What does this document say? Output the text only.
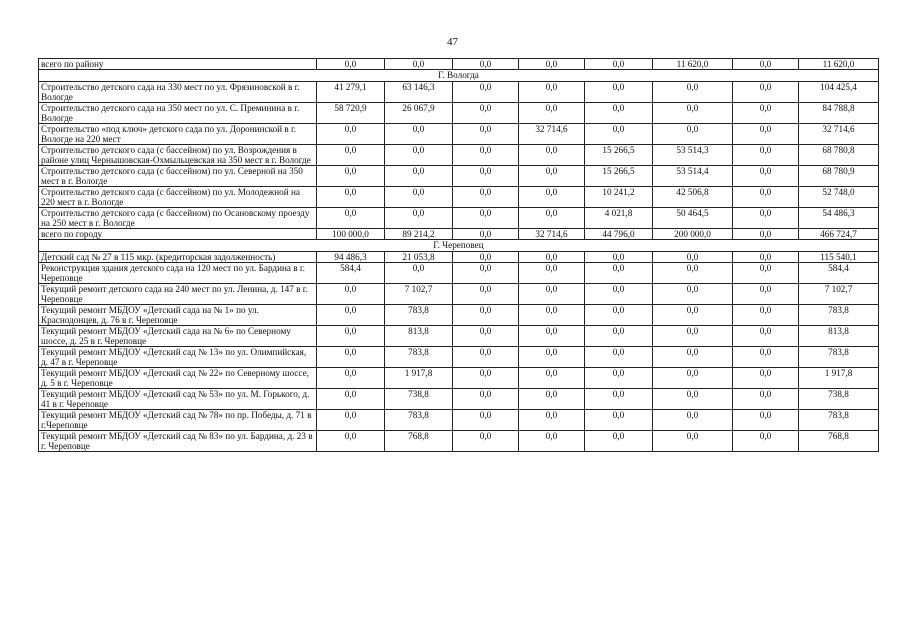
47
всего по району	0,0	0,0	0,0	0,0	0,0	11 620,0	0,0	11 620,0
Г. Вологда								
Строительство детского сада на 330 мест по ул. Фрязиновской в г. Вологде	41 279,1	63 146,3	0,0	0,0	0,0	0,0	0,0	104 425,4
Строительство детского сада на 350 мест по ул. С. Преминина в г. Вологде	58 720,9	26 067,9	0,0	0,0	0,0	0,0	0,0	84 788,8
Строительство «под ключ» детского сада по ул. Доронинской в г. Вологде на 220 мест	0,0	0,0	0,0	32 714,6	0,0	0,0	0,0	32 714,6
Строительство детского сада (с бассейном) по ул. Возрождения в районе улиц Чернышовская-Охмыльцевская на 350 мест в г. Вологде	0,0	0,0	0,0	0,0	15 266,5	53 514,3	0,0	68 780,8
Строительство детского сада (с бассейном) по ул. Северной на 350 мест в г. Вологде	0,0	0,0	0,0	0,0	15 266,5	53 514,4	0,0	68 780,9
Строительство детского сада (с бассейном) по ул. Молодежной на 220 мест в г. Вологде	0,0	0,0	0,0	0,0	10 241,2	42 506,8	0,0	52 748,0
Строительство детского сада (с бассейном) по Осановскому проезду на 250 мест в г. Вологде	0,0	0,0	0,0	0,0	4 021,8	50 464,5	0,0	54 486,3
всего по городу	100 000,0	89 214,2	0,0	32 714,6	44 796,0	200 000,0	0,0	466 724,7
Г. Череповец								
Детский сад № 27 в 115 мкр. (кредиторская задолженность)	94 486,3	21 053,8	0,0	0,0	0,0	0,0	0,0	115 540,1
Реконструкция здания детского сада на 120 мест по ул. Бардина в г. Череповце	584,4	0,0	0,0	0,0	0,0	0,0	0,0	584,4
Текущий ремонт детского сада на 240 мест по ул. Ленина, д. 147 в г. Череповце	0,0	7 102,7	0,0	0,0	0,0	0,0	0,0	7 102,7
Текущий ремонт МБДОУ «Детский сада на № 1» по ул. Краснодонцев, д. 76 в г. Череповце	0,0	783,8	0,0	0,0	0,0	0,0	0,0	783,8
Текущий ремонт МБДОУ «Детский сада на № 6» по Северному шоссе, д. 25 в г. Череповце	0,0	813,8	0,0	0,0	0,0	0,0	0,0	813,8
Текущий ремонт МБДОУ «Детский сад № 13» по ул. Олимпийская, д. 47 в г. Череповце	0,0	783,8	0,0	0,0	0,0	0,0	0,0	783,8
Текущий ремонт МБДОУ «Детский сад № 22» по Северному шоссе, д. 5 в г. Череповце	0,0	1 917,8	0,0	0,0	0,0	0,0	0,0	1 917,8
Текущий ремонт МБДОУ «Детский сад № 53» по ул. М. Горького, д. 41 в г. Череповце	0,0	738,8	0,0	0,0	0,0	0,0	0,0	738,8
Текущий ремонт МБДОУ «Детский сад № 78» по пр. Победы, д. 71 в г.Череповце	0,0	783,8	0,0	0,0	0,0	0,0	0,0	783,8
Текущий ремонт МБДОУ «Детский сад № 83» по ул. Бардина, д. 23 в г. Череповце	0,0	768,8	0,0	0,0	0,0	0,0	0,0	768,8
